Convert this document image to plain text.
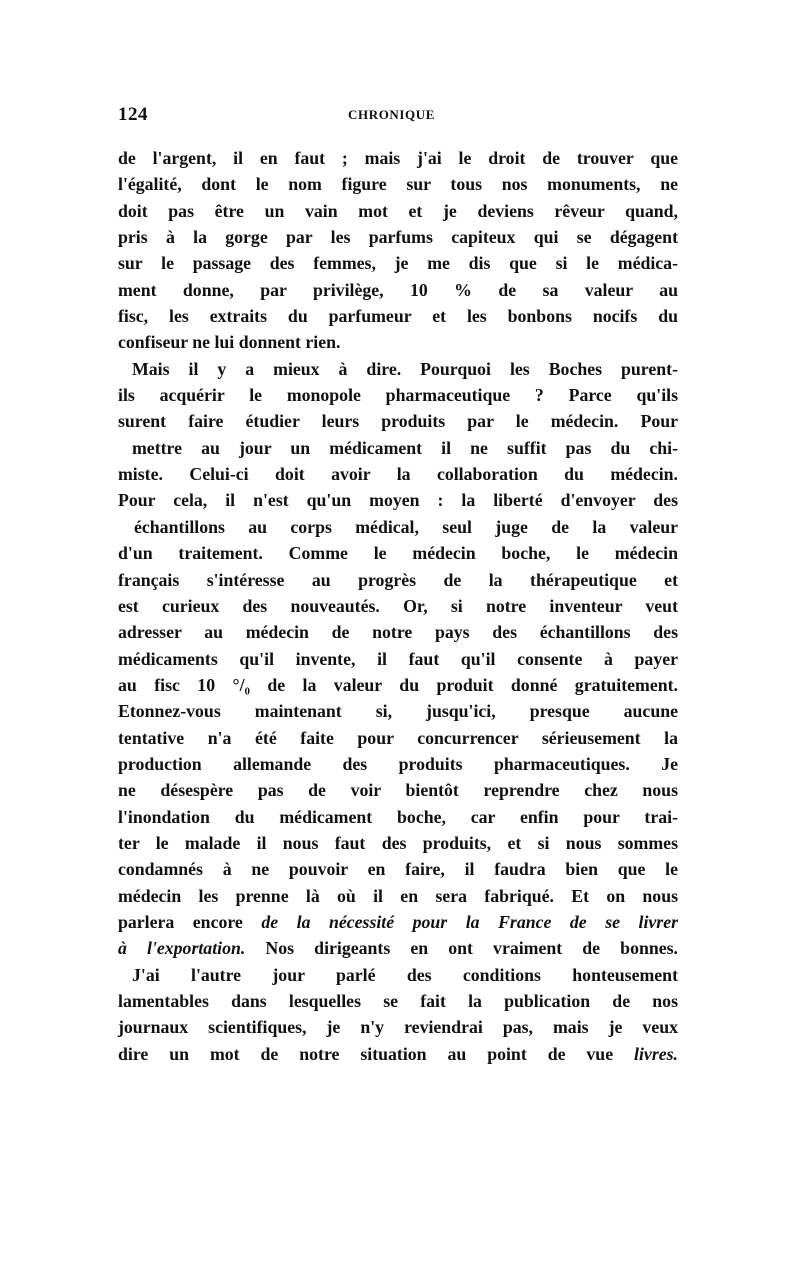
124	CHRONIQUE
de l'argent, il en faut ; mais j'ai le droit de trouver que
l'égalité, dont le nom figure sur tous nos monuments, ne
doit pas être un vain mot et je deviens rêveur quand,
pris à la gorge par les parfums capiteux qui se dégagent
sur le passage des femmes, je me dis que si le médica-
ment donne, par privilège, 10 % de sa valeur au
fisc, les extraits du parfumeur et les bonbons nocifs du
confiseur ne lui donnent rien.
Mais il y a mieux à dire. Pourquoi les Boches purent-
ils acquérir le monopole pharmaceutique ? Parce qu'ils
surent faire étudier leurs produits par le médecin. Pour
mettre au jour un médicament il ne suffit pas du chi-
miste. Celui-ci doit avoir la collaboration du médecin.
Pour cela, il n'est qu'un moyen : la liberté d'envoyer des
échantillons au corps médical, seul juge de la valeur
d'un traitement. Comme le médecin boche, le médecin
français s'intéresse au progrès de la thérapeutique et
est curieux des nouveautés. Or, si notre inventeur veut
adresser au médecin de notre pays des échantillons des
médicaments qu'il invente, il faut qu'il consente à payer
au fisc 10 °/₀ de la valeur du produit donné gratuitement.
Etonnez-vous maintenant si, jusqu'ici, presque aucune
tentative n'a été faite pour concurrencer sérieusement la
production allemande des produits pharmaceutiques. Je
ne désespère pas de voir bientôt reprendre chez nous
l'inondation du médicament boche, car enfin pour trai-
ter le malade il nous faut des produits, et si nous sommes
condamnés à ne pouvoir en faire, il faudra bien que le
médecin les prenne là où il en sera fabriqué. Et on nous
parlera encore de la nécessité pour la France de se livrer
à l'exportation. Nos dirigeants en ont vraiment de bonnes.
J'ai l'autre jour parlé des conditions honteusement
lamentables dans lesquelles se fait la publication de nos
journaux scientifiques, je n'y reviendrai pas, mais je veux
dire un mot de notre situation au point de vue livres.
